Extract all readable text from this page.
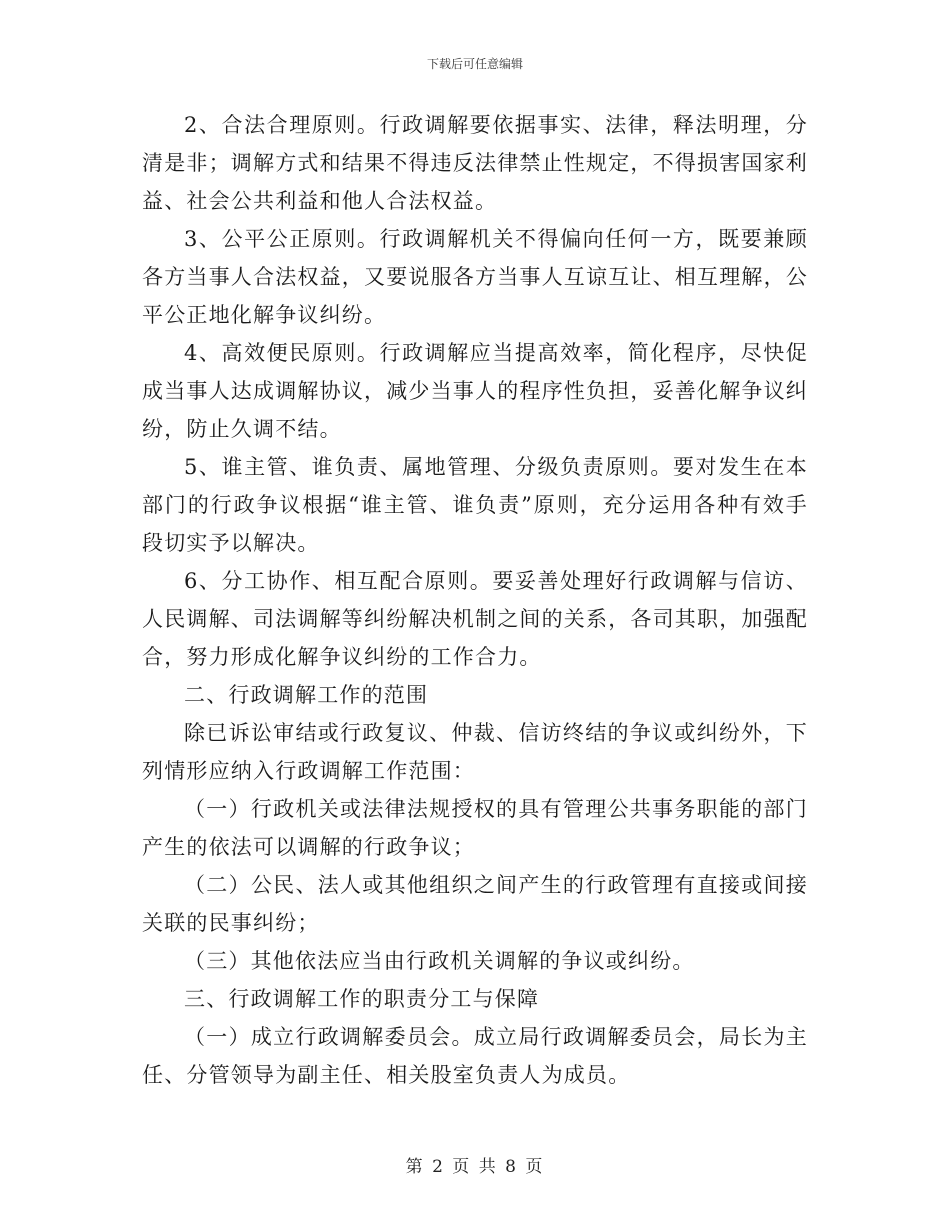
下载后可任意编辑

2、合法合理原则。行政调解要依据事实、法律，释法明理，分清是非；调解方式和结果不得违反法律禁止性规定，不得损害国家利益、社会公共利益和他人合法权益。

3、公平公正原则。行政调解机关不得偏向任何一方，既要兼顾各方当事人合法权益，又要说服各方当事人互谅互让、相互理解，公平公正地化解争议纠纷。

4、高效便民原则。行政调解应当提高效率，简化程序，尽快促成当事人达成调解协议，减少当事人的程序性负担，妥善化解争议纠纷，防止久调不结。

5、谁主管、谁负责、属地管理、分级负责原则。要对发生在本部门的行政争议根据“谁主管、谁负责”原则，充分运用各种有效手段切实予以解决。

6、分工协作、相互配合原则。要妥善处理好行政调解与信访、人民调解、司法调解等纠纷解决机制之间的关系，各司其职，加强配合，努力形成化解争议纠纷的工作合力。

二、行政调解工作的范围

除已诉讼审结或行政复议、仲裁、信访终结的争议或纠纷外，下列情形应纳入行政调解工作范围：

（一）行政机关或法律法规授权的具有管理公共事务职能的部门产生的依法可以调解的行政争议；

（二）公民、法人或其他组织之间产生的行政管理有直接或间接关联的民事纠纷；

（三）其他依法应当由行政机关调解的争议或纠纷。

三、行政调解工作的职责分工与保障

（一）成立行政调解委员会。成立局行政调解委员会，局长为主任、分管领导为副主任、相关股室负责人为成员。

第 2 页 共 8 页
